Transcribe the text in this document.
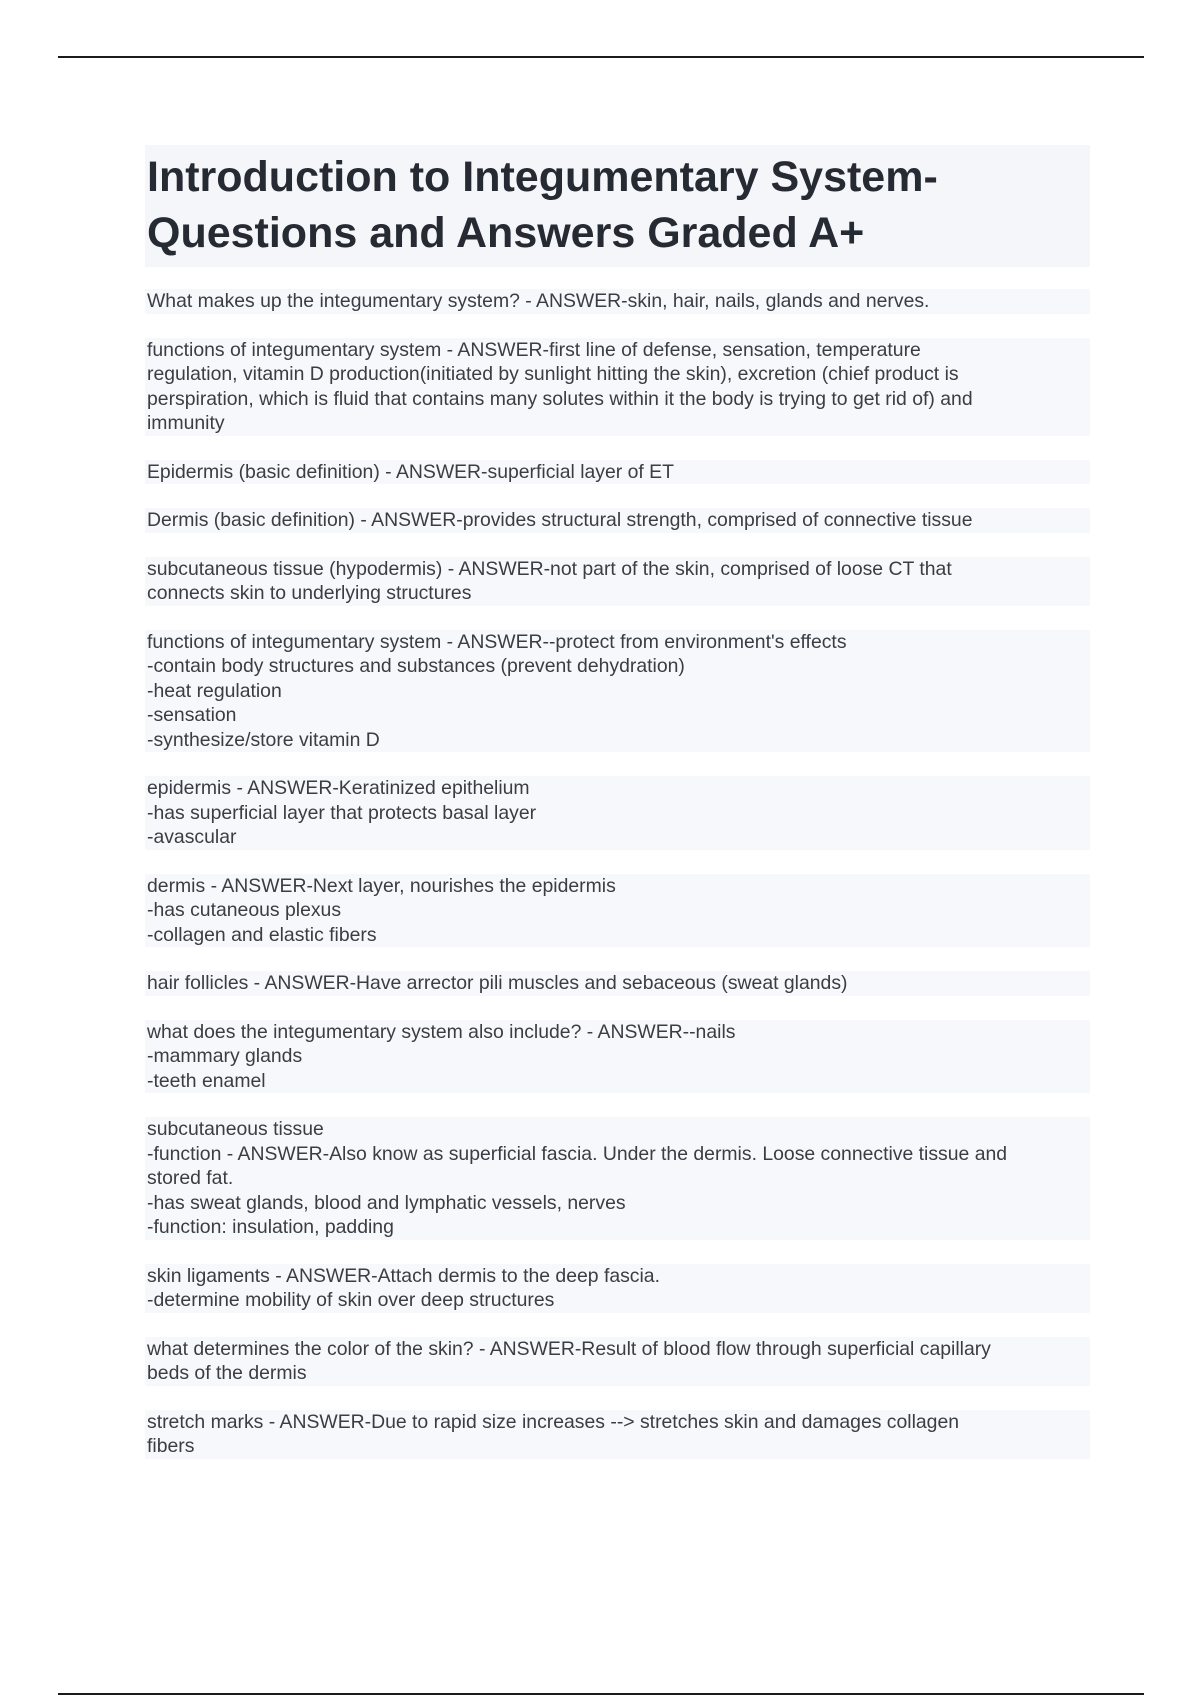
Introduction to Integumentary System-
Questions and Answers Graded A+
What makes up the integumentary system? - ANSWER-skin, hair, nails, glands and nerves.
functions of integumentary system - ANSWER-first line of defense, sensation, temperature
regulation, vitamin D production(initiated by sunlight hitting the skin), excretion (chief product is
perspiration, which is fluid that contains many solutes within it the body is trying to get rid of) and
immunity
Epidermis (basic definition) - ANSWER-superficial layer of ET
Dermis (basic definition) - ANSWER-provides structural strength, comprised of connective tissue
subcutaneous tissue (hypodermis) - ANSWER-not part of the skin, comprised of loose CT that
connects skin to underlying structures
functions of integumentary system - ANSWER--protect from environment's effects
-contain body structures and substances (prevent dehydration)
-heat regulation
-sensation
-synthesize/store vitamin D
epidermis - ANSWER-Keratinized epithelium
-has superficial layer that protects basal layer
-avascular
dermis - ANSWER-Next layer, nourishes the epidermis
-has cutaneous plexus
-collagen and elastic fibers
hair follicles - ANSWER-Have arrector pili muscles and sebaceous (sweat glands)
what does the integumentary system also include? - ANSWER--nails
-mammary glands
-teeth enamel
subcutaneous tissue
-function - ANSWER-Also know as superficial fascia. Under the dermis. Loose connective tissue and
stored fat.
-has sweat glands, blood and lymphatic vessels, nerves
-function: insulation, padding
skin ligaments - ANSWER-Attach dermis to the deep fascia.
-determine mobility of skin over deep structures
what determines the color of the skin? - ANSWER-Result of blood flow through superficial capillary
beds of the dermis
stretch marks - ANSWER-Due to rapid size increases --> stretches skin and damages collagen
fibers
